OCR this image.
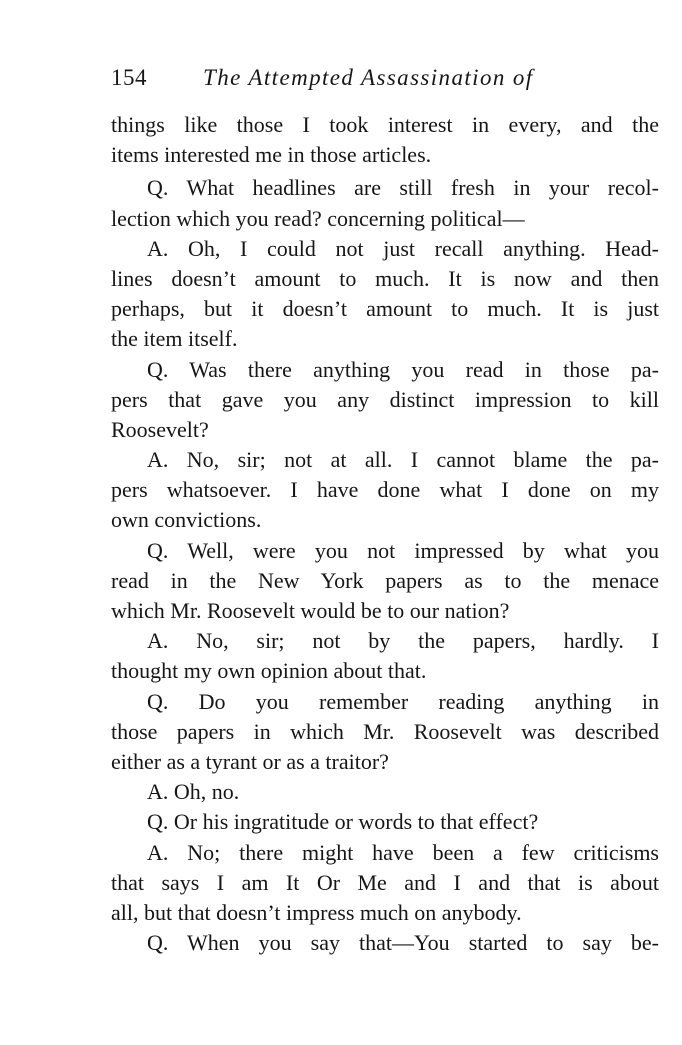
154 The Attempted Assassination of
things like those I took interest in every, and the
items interested me in those articles.
Q. What headlines are still fresh in your recol-
lection which you read? concerning political—
A. Oh, I could not just recall anything. Head-
lines doesn’t amount to much. It is now and then
perhaps, but it doesn’t amount to much. It is just
the item itself.
Q. Was there anything you read in those pa-
pers that gave you any distinct impression to kill
Roosevelt?
A. No, sir; not at all. I cannot blame the pa-
pers whatsoever. I have done what I done on my
own convictions.
Q. Well, were you not impressed by what you
read in the New York papers as to the menace
which Mr. Roosevelt would be to our nation?
A. No, sir; not by the papers, hardly. I
thought my own opinion about that.
Q. Do you remember reading anything in
those papers in which Mr. Roosevelt was described
either as a tyrant or as a traitor?
A. Oh, no.
Q. Or his ingratitude or words to that effect?
A. No; there might have been a few criticisms
that says I am It Or Me and I and that is about
all, but that doesn’t impress much on anybody.
Q. When you say that—You started to say be-
